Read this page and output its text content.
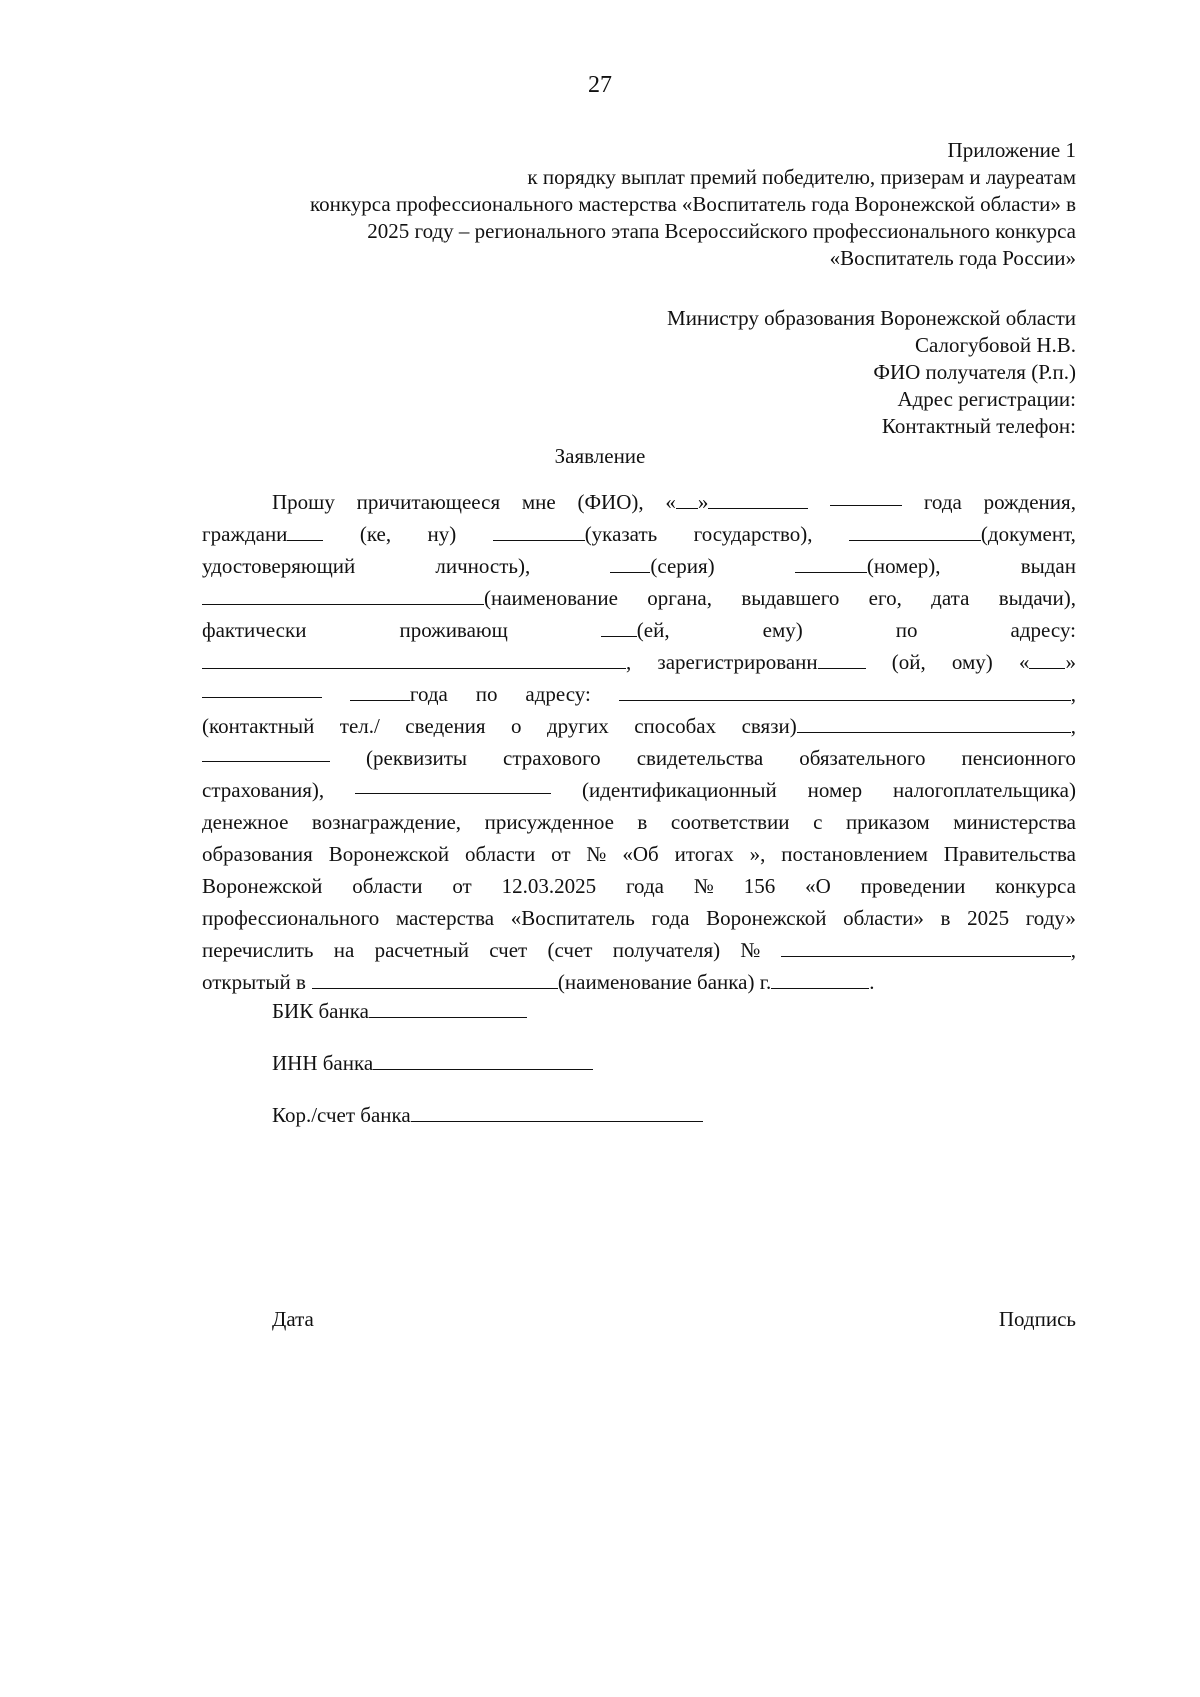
27
Приложение 1
к порядку выплат премий победителю, призерам и лауреатам
конкурса профессионального мастерства «Воспитатель года Воронежской области» в
2025 году – регионального этапа Всероссийского профессионального конкурса
«Воспитатель года России»
Министру образования Воронежской области
Салогубовой Н.В.
ФИО получателя (Р.п.)
Адрес регистрации:
Контактный телефон:
Заявление
Прошу причитающееся мне (ФИО), « »	года рождения,
граждани	(ке, ну)	(указать государство),	(документ,
удостоверяющий	личность),	(серия)	(номер),	выдан
(наименование органа, выдавшего его, дата выдачи),
фактически	проживающ	(ей,	ему)	по	адресу:
, зарегистрированн	(ой, ому) « »
года по адресу:	,
(контактный тел./ сведения о других способах связи)	,
(реквизиты страхового свидетельства обязательного пенсионного
страхования),	(идентификационный номер налогоплательщика)
денежное вознаграждение, присужденное в соответствии с приказом министерства
образования Воронежской области от № «Об итогах », постановлением Правительства
Воронежской области от 12.03.2025 года № 156 «О проведении конкурса
профессионального мастерства «Воспитатель года Воронежской области» в 2025 году»
перечислить на расчетный счет (счет получателя) №	,
открытый в	(наименование банка) г.	.
БИК банка
ИНН банка
Кор./счет банка
Дата	Подпись
